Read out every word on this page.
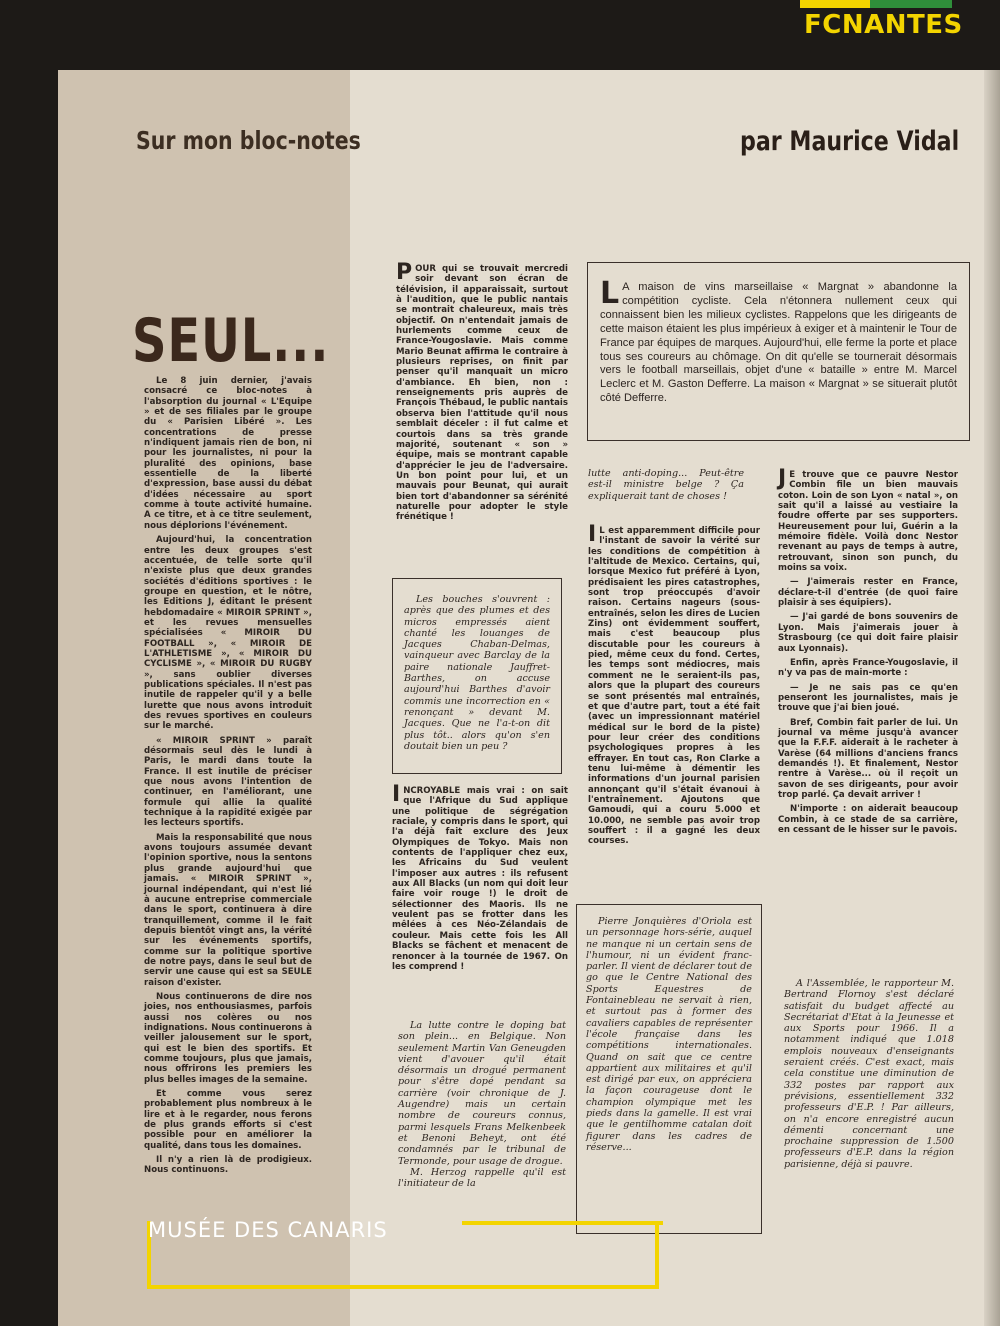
FCNANTES
Sur mon bloc-notes	par Maurice Vidal
SEUL...

Le 8 juin dernier, j'avais consacré ce bloc-notes à l'absorption du journal « L'Equipe » et de ses filiales par le groupe du « Parisien Libéré ». Les concentrations de presse n'indiquent jamais rien de bon, ni pour les journalistes, ni pour la pluralité des opinions, base essentielle de la liberté d'expression, base aussi du débat d'idées nécessaire au sport comme à toute activité humaine. A ce titre, et à ce titre seulement, nous déplorions l'événement.

Aujourd'hui, la concentration entre les deux groupes s'est accentuée, de telle sorte qu'il n'existe plus que deux grandes sociétés d'éditions sportives : le groupe en question, et le nôtre, les Editions J, éditant le présent hebdomadaire « MIROIR SPRINT », et les revues mensuelles spécialisées « MIROIR DU FOOTBALL », « MIROIR DE L'ATHLETISME », « MIROIR DU CYCLISME », « MIROIR DU RUGBY », sans oublier diverses publications spéciales. Il n'est pas inutile de rappeler qu'il y a belle lurette que nous avons introduit des revues sportives en couleurs sur le marché.

« MIROIR SPRINT » paraît désormais seul dès le lundi à Paris, le mardi dans toute la France. Il est inutile de préciser que nous avons l'intention de continuer, en l'améliorant, une formule qui allie la qualité technique à la rapidité exigée par les lecteurs sportifs.

Mais la responsabilité que nous avons toujours assumée devant l'opinion sportive, nous la sentons plus grande aujourd'hui que jamais. « MIROIR SPRINT », journal indépendant, qui n'est lié à aucune entreprise commerciale dans le sport, continuera à dire tranquillement, comme il le fait depuis bientôt vingt ans, la vérité sur les événements sportifs, comme sur la politique sportive de notre pays, dans le seul but de servir une cause qui est sa SEULE raison d'exister.

Nous continuerons de dire nos joies, nos enthousiasmes, parfois aussi nos colères ou nos indignations. Nous continuerons à veiller jalousement sur le sport, qui est le bien des sportifs. Et comme toujours, plus que jamais, nous offrirons les premiers les plus belles images de la semaine.

Et comme vous serez probablement plus nombreux à le lire et à le regarder, nous ferons de plus grands efforts si c'est possible pour en améliorer la qualité, dans tous les domaines.

Il n'y a rien là de prodigieux. Nous continuons.

POUR qui se trouvait mercredi soir devant son écran de télévision, il apparaissait, surtout à l'audition, que le public nantais se montrait chaleureux, mais très objectif. On n'entendait jamais de hurlements comme ceux de France-Yougoslavie. Mais comme Mario Beunat affirma le contraire à plusieurs reprises, on finit par penser qu'il manquait un micro d'ambiance. Eh bien, non : renseignements pris auprès de François Thébaud, le public nantais observa bien l'attitude qu'il nous semblait déceler : il fut calme et courtois dans sa très grande majorité, soutenant « son » équipe, mais se montrant capable d'apprécier le jeu de l'adversaire. Un bon point pour lui, et un mauvais pour Beunat, qui aurait bien tort d'abandonner sa sérénité naturelle pour adopter le style frénétique !

Les bouches s'ouvrent : après que des plumes et des micros empressés aient chanté les louanges de Jacques Chaban-Delmas, vainqueur avec Barclay de la paire nationale Jauffret-Barthes, on accuse aujourd'hui Barthes d'avoir commis une incorrection en « renonçant » devant M. Jacques. Que ne l'a-t-on dit plus tôt.. alors qu'on s'en doutait bien un peu ?

INCROYABLE mais vrai : on sait que l'Afrique du Sud applique une politique de ségrégation raciale, y compris dans le sport, qui l'a déjà fait exclure des Jeux Olympiques de Tokyo. Mais non contents de l'appliquer chez eux, les Africains du Sud veulent l'imposer aux autres : ils refusent aux All Blacks (un nom qui doit leur faire voir rouge !) le droit de sélectionner des Maoris. Ils ne veulent pas se frotter dans les mêlées à ces Néo-Zélandais de couleur. Mais cette fois les All Blacks se fâchent et menacent de renoncer à la tournée de 1967. On les comprend !

La lutte contre le doping bat son plein... en Belgique. Non seulement Martin Van Geneugden vient d'avouer qu'il était désormais un drogué permanent pour s'être dopé pendant sa carrière (voir chronique de J. Augendre) mais un certain nombre de coureurs connus, parmi lesquels Frans Melkenbeek et Benoni Beheyt, ont été condamnés par le tribunal de Termonde, pour usage de drogue.

M. Herzog rappelle qu'il est l'initiateur de la

L A maison de vins marseillaise « Margnat » abandonne la compétition cycliste. Cela n'étonnera nullement ceux qui connaissent bien les milieux cyclistes. Rappelons que les dirigeants de cette maison étaient les plus impérieux à exiger et à maintenir le Tour de France par équipes de marques. Aujourd'hui, elle ferme la porte et place tous ses coureurs au chômage. On dit qu'elle se tournerait désormais vers le football marseillais, objet d'une « bataille » entre M. Marcel Leclerc et M. Gaston Defferre. La maison « Margnat » se situerait plutôt côté Defferre.

lutte anti-doping... Peut-être est-il ministre belge ? Ça expliquerait tant de choses !

I L est apparemment difficile pour l'instant de savoir la vérité sur les conditions de compétition à l'altitude de Mexico. Certains, qui, lorsque Mexico fut préféré à Lyon, prédisaient les pires catastrophes, sont trop préoccupés d'avoir raison. Certains nageurs (sous-entraînés, selon les dires de Lucien Zins) ont évidemment souffert, mais c'est beaucoup plus discutable pour les coureurs à pied, même ceux du fond. Certes, les temps sont médiocres, mais comment ne le seraient-ils pas, alors que la plupart des coureurs se sont présentés mal entraînés, et que d'autre part, tout a été fait (avec un impressionnant matériel médical sur le bord de la piste) pour leur créer des conditions psychologiques propres à les effrayer. En tout cas, Ron Clarke a tenu lui-même à démentir les informations d'un journal parisien annonçant qu'il s'était évanoui à l'entraînement. Ajoutons que Gamoudi, qui a couru 5.000 et 10.000, ne semble pas avoir trop souffert : il a gagné les deux courses.

Pierre Jonquières d'Oriola est un personnage hors-série, auquel ne manque ni un certain sens de l'humour, ni un évident franc-parler. Il vient de déclarer tout de go que le Centre National des Sports Equestres de Fontainebleau ne servait à rien, et surtout pas à former des cavaliers capables de représenter l'école française dans les compétitions internationales. Quand on sait que ce centre appartient aux militaires et qu'il est dirigé par eux, on appréciera la façon courageuse dont le champion olympique met les pieds dans la gamelle. Il est vrai que le gentilhomme catalan doit figurer dans les cadres de réserve...

J E trouve que ce pauvre Nestor Combin file un bien mauvais coton. Loin de son Lyon « natal », on sait qu'il a laissé au vestiaire la foudre offerte par ses supporters. Heureusement pour lui, Guérin a la mémoire fidèle. Voilà donc Nestor revenant au pays de temps à autre, retrouvant, sinon son punch, du moins sa voix.

— J'aimerais rester en France, déclare-t-il d'entrée (de quoi faire plaisir à ses équipiers).

— J'ai gardé de bons souvenirs de Lyon. Mais j'aimerais jouer à Strasbourg (ce qui doit faire plaisir aux Lyonnais).

Enfin, après France-Yougoslavie, il n'y va pas de main-morte :

— Je ne sais pas ce qu'en penseront les journalistes, mais je trouve que j'ai bien joué.

Bref, Combin fait parler de lui. Un journal va même jusqu'à avancer que la F.F.F. aiderait à le racheter à Varèse (64 millions d'anciens francs demandés !). Et finalement, Nestor rentre à Varèse... où il reçoit un savon de ses dirigeants, pour avoir trop parlé. Ça devait arriver !

N'importe : on aiderait beaucoup Combin, à ce stade de sa carrière, en cessant de le hisser sur le pavois.

A l'Assemblée, le rapporteur M. Bertrand Flornoy s'est déclaré satisfait du budget affecté au Secrétariat d'Etat à la Jeunesse et aux Sports pour 1966. Il a notamment indiqué que 1.018 emplois nouveaux d'enseignants seraient créés. C'est exact, mais cela constitue une diminution de 332 postes par rapport aux prévisions, essentiellement 332 professeurs d'E.P. ! Par ailleurs, on n'a encore enregistré aucun démenti concernant une prochaine suppression de 1.500 professeurs d'E.P. dans la région parisienne, déjà si pauvre.

MUSÉE DES CANARIS
